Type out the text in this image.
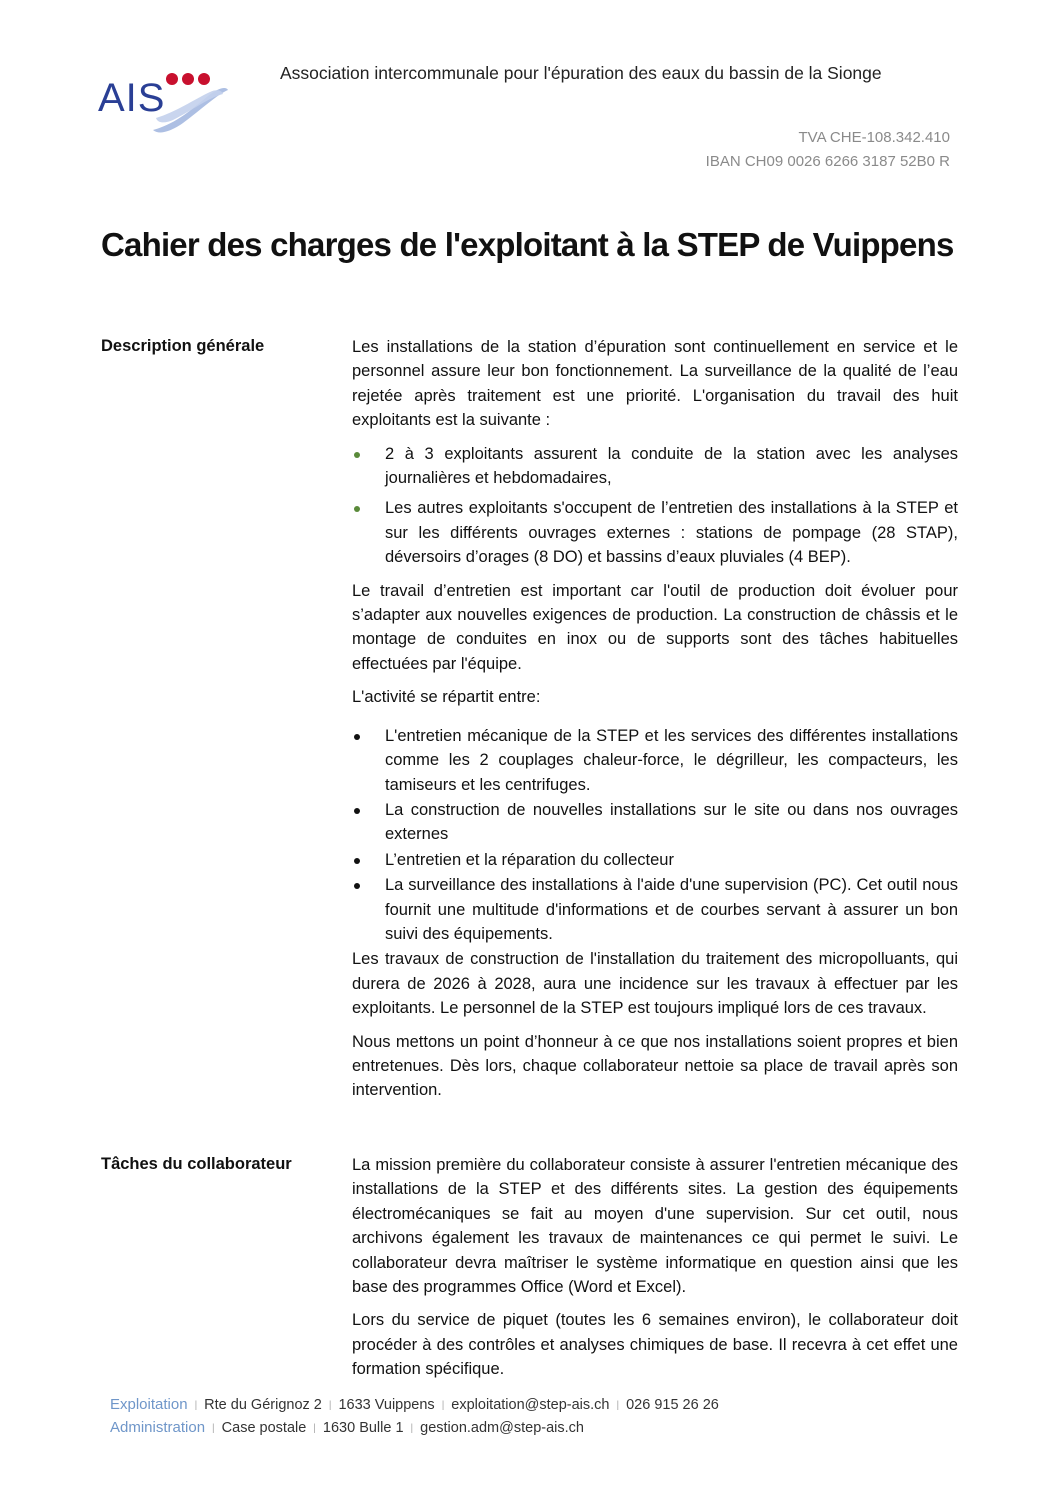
AIS
Association intercommunale pour l'épuration des eaux du bassin de la Sionge
TVA CHE-108.342.410
IBAN CH09 0026 6266 3187 52B0 R
Cahier des charges de l'exploitant à la STEP de Vuippens
Description générale	Les installations de la station d’épuration sont continuellement en service et le personnel assure leur bon fonctionnement. La surveillance de la qualité de l’eau rejetée après traitement est une priorité. L'organisation du travail des huit exploitants est la suivante :

2 à 3 exploitants assurent la conduite de la station avec les analyses journalières et hebdomadaires,
Les autres exploitants s'occupent de l’entretien des installations à la STEP et sur les différents ouvrages externes : stations de pompage (28 STAP), déversoirs d’orages (8 DO) et bassins d’eaux pluviales (4 BEP).

Le travail d’entretien est important car l'outil de production doit évoluer pour s’adapter aux nouvelles exigences de production. La construction de châssis et le montage de conduites en inox ou de supports sont des tâches habituelles effectuées par l'équipe.

L'activité se répartit entre:

L'entretien mécanique de la STEP et les services des différentes installations comme les 2 couplages chaleur-force, le dégrilleur, les compacteurs, les tamiseurs et les centrifuges.
La construction de nouvelles installations sur le site ou dans nos ouvrages externes
L’entretien et la réparation du collecteur
La surveillance des installations à l'aide d'une supervision (PC). Cet outil nous fournit une multitude d'informations et de courbes servant à assurer un bon suivi des équipements.

Les travaux de construction de l'installation du traitement des micropolluants, qui durera de 2026 à 2028, aura une incidence sur les travaux à effectuer par les exploitants. Le personnel de la STEP est toujours impliqué lors de ces travaux.

Nous mettons un point d’honneur à ce que nos installations soient propres et bien entretenues. Dès lors, chaque collaborateur nettoie sa place de travail après son intervention.

Tâches du collaborateur	La mission première du collaborateur consiste à assurer l'entretien mécanique des installations de la STEP et des différents sites. La gestion des équipements électromécaniques se fait au moyen d'une supervision. Sur cet outil, nous archivons également les travaux de maintenances ce qui permet le suivi. Le collaborateur devra maîtriser le système informatique en question ainsi que les base des programmes Office (Word et Excel).

Lors du service de piquet (toutes les 6 semaines environ), le collaborateur doit procéder à des contrôles et analyses chimiques de base. Il recevra à cet effet une formation spécifique.

Exploitation | Rte du Gérignoz 2 | 1633 Vuippens | exploitation@step-ais.ch | 026 915 26 26
Administration | Case postale | 1630 Bulle 1 | gestion.adm@step-ais.ch
